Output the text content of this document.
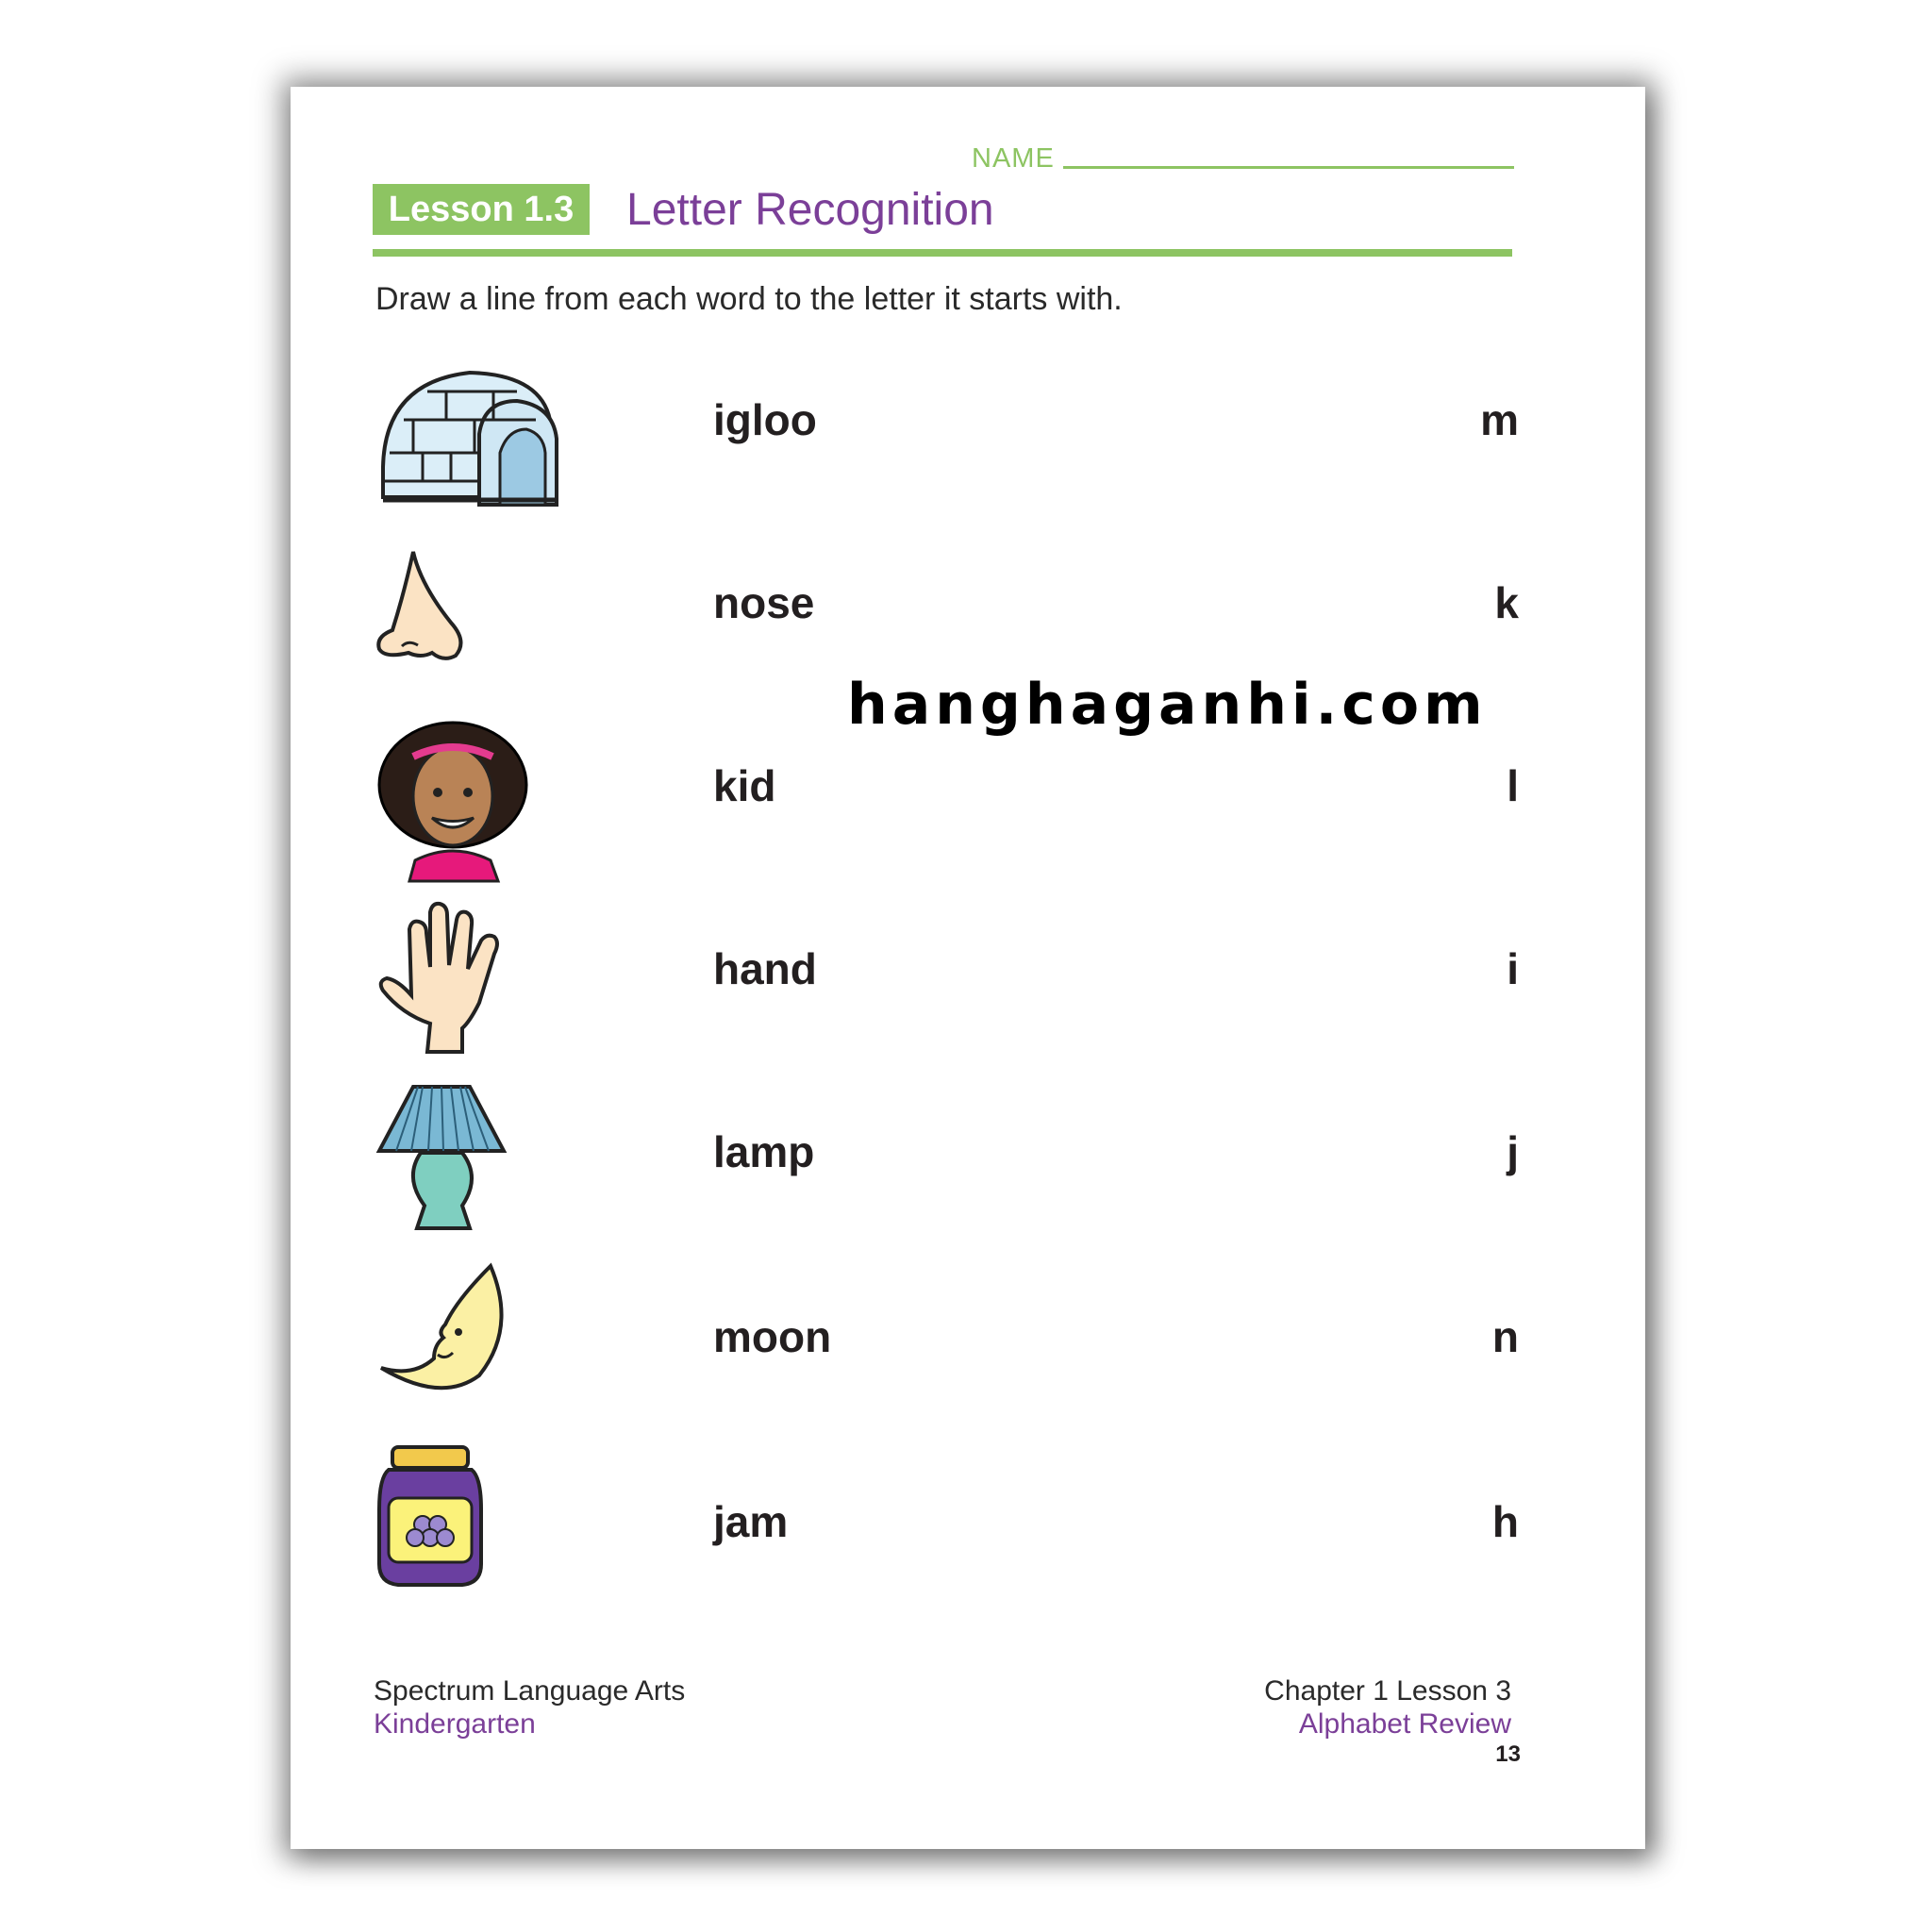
NAME
Lesson 1.3	Letter Recognition
Draw a line from each word to the letter it starts with.
igloo	m
nose	k
kid	l
hand	i
lamp	j
moon	n
jam	h
hanghaganhi.com
Spectrum Language Arts
Kindergarten
Chapter 1 Lesson 3
Alphabet Review
13
